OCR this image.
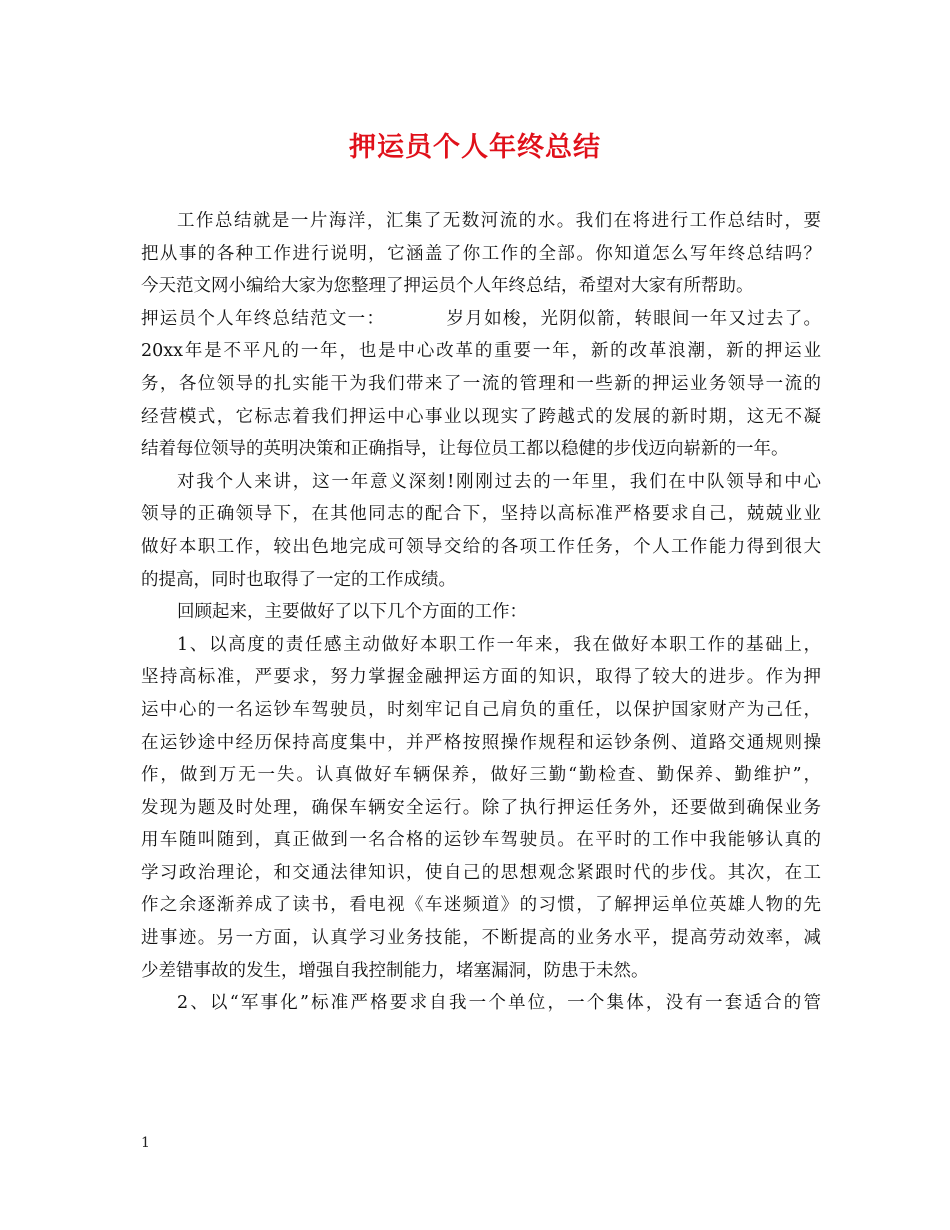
押运员个人年终总结

工作总结就是一片海洋，汇集了无数河流的水。我们在将进行工作总结时，要
把从事的各种工作进行说明，它涵盖了你工作的全部。你知道怎么写年终总结吗？
今天范文网小编给大家为您整理了押运员个人年终总结，希望对大家有所帮助。

押运员个人年终总结范文一：	岁月如梭，光阴似箭，转眼间一年又过去了。
20xx年是不平凡的一年，也是中心改革的重要一年，新的改革浪潮，新的押运业
务，各位领导的扎实能干为我们带来了一流的管理和一些新的押运业务领导一流的
经营模式，它标志着我们押运中心事业以现实了跨越式的发展的新时期，这无不凝
结着每位领导的英明决策和正确指导，让每位员工都以稳健的步伐迈向崭新的一年。

对我个人来讲，这一年意义深刻!刚刚过去的一年里，我们在中队领导和中心
领导的正确领导下，在其他同志的配合下，坚持以高标准严格要求自己，兢兢业业
做好本职工作，较出色地完成可领导交给的各项工作任务，个人工作能力得到很大
的提高，同时也取得了一定的工作成绩。

回顾起来，主要做好了以下几个方面的工作：

1、以高度的责任感主动做好本职工作一年来，我在做好本职工作的基础上，
坚持高标准，严要求，努力掌握金融押运方面的知识，取得了较大的进步。作为押
运中心的一名运钞车驾驶员，时刻牢记自己肩负的重任，以保护国家财产为己任，
在运钞途中经历保持高度集中，并严格按照操作规程和运钞条例、道路交通规则操
作，做到万无一失。认真做好车辆保养，做好三勤“勤检查、勤保养、勤维护”，
发现为题及时处理，确保车辆安全运行。除了执行押运任务外，还要做到确保业务
用车随叫随到，真正做到一名合格的运钞车驾驶员。在平时的工作中我能够认真的
学习政治理论，和交通法律知识，使自己的思想观念紧跟时代的步伐。其次，在工
作之余逐渐养成了读书，看电视《车迷频道》的习惯，了解押运单位英雄人物的先
进事迹。另一方面，认真学习业务技能，不断提高的业务水平，提高劳动效率，减
少差错事故的发生，增强自我控制能力，堵塞漏洞，防患于未然。

2、以“军事化”标准严格要求自我一个单位，一个集体，没有一套适合的管

1
